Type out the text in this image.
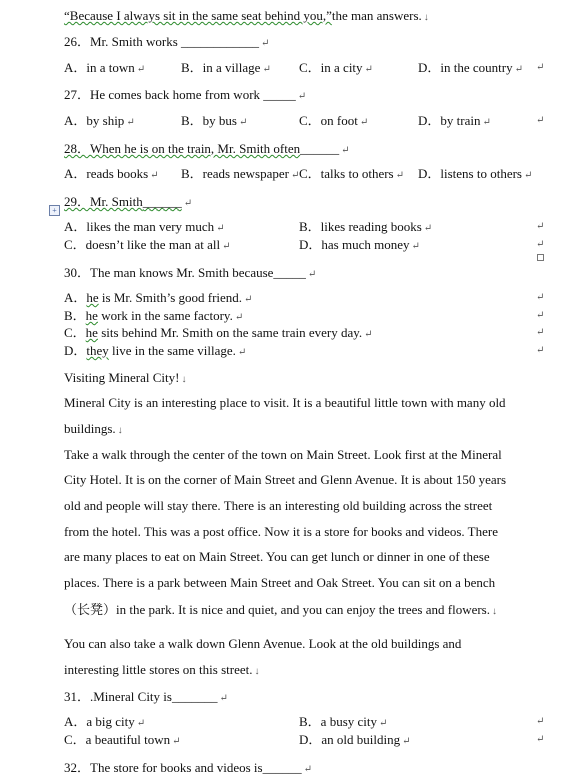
“Because I always sit in the same seat behind you,”the man answers. ↓
26．Mr. Smith works ____________ ↵
A．in a town ↵	B．in a village ↵ C．in a city ↵	D．in the country ↵ ↵
27．He comes back home from work _____ ↵
A．by ship ↵	B．by bus ↵	C．on foot ↵	D．by train ↵	↵
28．When he is on the train, Mr. Smith often______ ↵
A．reads books ↵ B．reads newspaper ↵ C．talks to others ↵ D．listens to others ↵
+
29．Mr. Smith______ ↵
A．likes the man very much ↵	B．likes reading books ↵
C．doesn’t like the man at all ↵	D．has much money ↵
↵
↵
30．The man knows Mr. Smith because_____ ↵
A．he is Mr. Smith’s good friend. ↵
B．he work in the same factory. ↵
C．he sits behind Mr. Smith on the same train every day. ↵
D．they live in the same village. ↵
↵
↵
↵
↵
Visiting Mineral City! ↓
Mineral City is an interesting place to visit. It is a beautiful little town with many old
buildings. ↓
Take a walk through the center of the town on Main Street. Look first at the Mineral
City Hotel. It is on the corner of Main Street and Glenn Avenue. It is about 150 years
old and people will stay there. There is an interesting old building across the street
from the hotel. This was a post office. Now it is a store for books and videos. There
are many places to eat on Main Street. You can get lunch or dinner in one of these
places. There is a park between Main Street and Oak Street. You can sit on a bench
（长凳）in the park. It is nice and quiet, and you can enjoy the trees and flowers. ↓
You can also take a walk down Glenn Avenue. Look at the old buildings and
interesting little stores on this street. ↓
31．.Mineral City is_______ ↵
A．a big city ↵	B．a busy city ↵
C．a beautiful town ↵	D．an old building ↵
↵
↵
32．The store for books and videos is______ ↵
